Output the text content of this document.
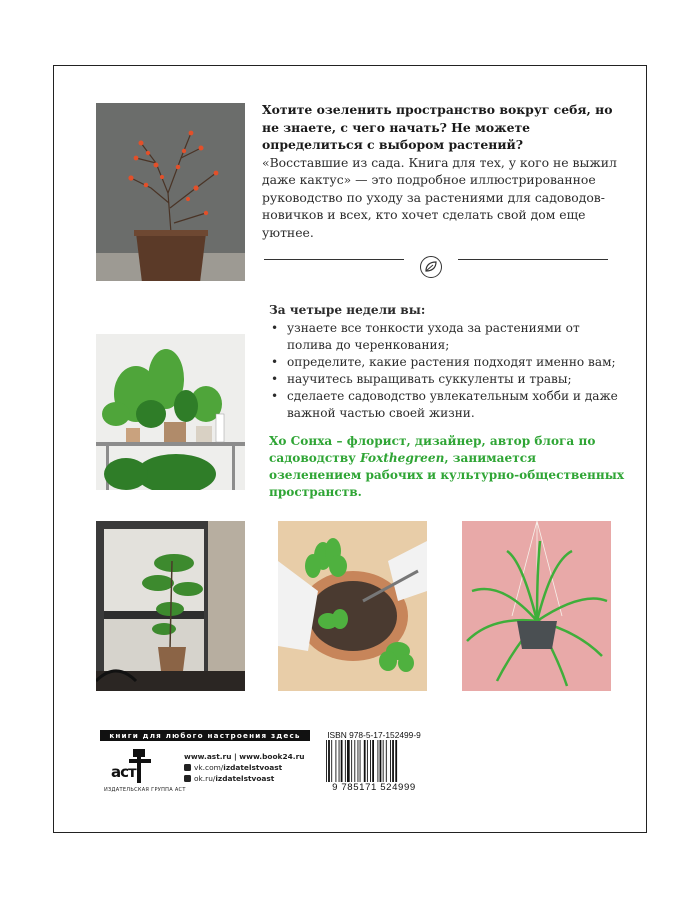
Хотите озеленить пространство вокруг себя, но не знаете, с чего начать? Не можете определиться с выбором растений?

«Восставшие из сада. Книга для тех, у кого не выжил даже кактус» — это подробное иллюстрированное руководство по уходу за растениями для садоводов-новичков и всех, кто хочет сделать свой дом еще уютнее.

За четыре недели вы:

• узнаете все тонкости ухода за растениями от полива до черенкования;
• определите, какие растения подходят именно вам;
• научитесь выращивать суккуленты и травы;
• сделаете садоводство увлекательным хобби и даже важной частью своей жизни.
Хо Сонха – флорист, дизайнер, автор блога по садоводству Foxthegreen, занимается озеленением рабочих и культурно-общественных пространств.
книги для любого настроения здесь
аст
ИЗДАТЕЛЬСКАЯ ГРУППА АСТ
www.ast.ru | www.book24.ru
vk.com/ izdatelstvoast
ok.ru/ izdatelstvoast
ISBN 978-5-17-152499-9
9 785171 524999
